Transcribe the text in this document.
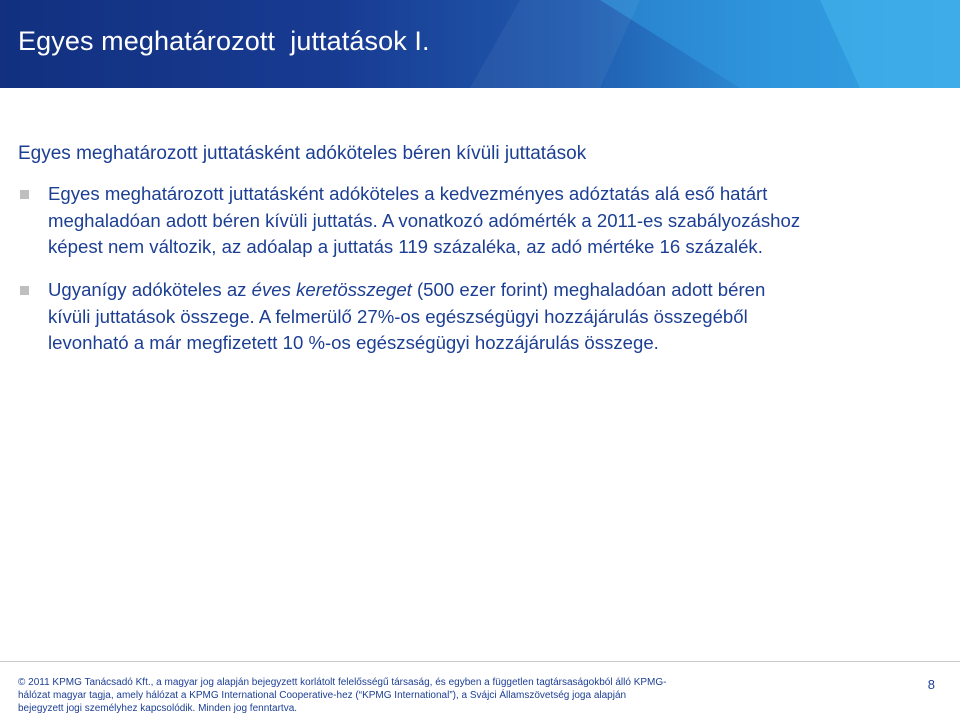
Egyes meghatározott  juttatások I.
Egyes meghatározott juttatásként adóköteles béren kívüli juttatások
Egyes meghatározott juttatásként adóköteles a kedvezményes adóztatás alá eső határt
meghaladóan adott béren kívüli juttatás. A vonatkozó adómérték a 2011-es szabályozáshoz
képest nem változik, az adóalap a juttatás 119 százaléka, az adó mértéke 16 százalék.
Ugyanígy adóköteles az éves keretösszeget (500 ezer forint) meghaladóan adott béren
kívüli juttatások összege. A felmerülő 27%-os egészségügyi hozzájárulás összegéből
levonható a már megfizetett 10 %-os egészségügyi hozzájárulás összege.
© 2011 KPMG Tanácsadó Kft., a magyar jog alapján bejegyzett korlátolt felelősségű társaság, és egyben a független tagtársaságokból álló KPMG-
hálózat magyar tagja, amely hálózat a KPMG International Cooperative-hez (“KPMG International”), a Svájci Államszövetség joga alapján
bejegyzett jogi személyhez kapcsolódik. Minden jog fenntartva.
8
